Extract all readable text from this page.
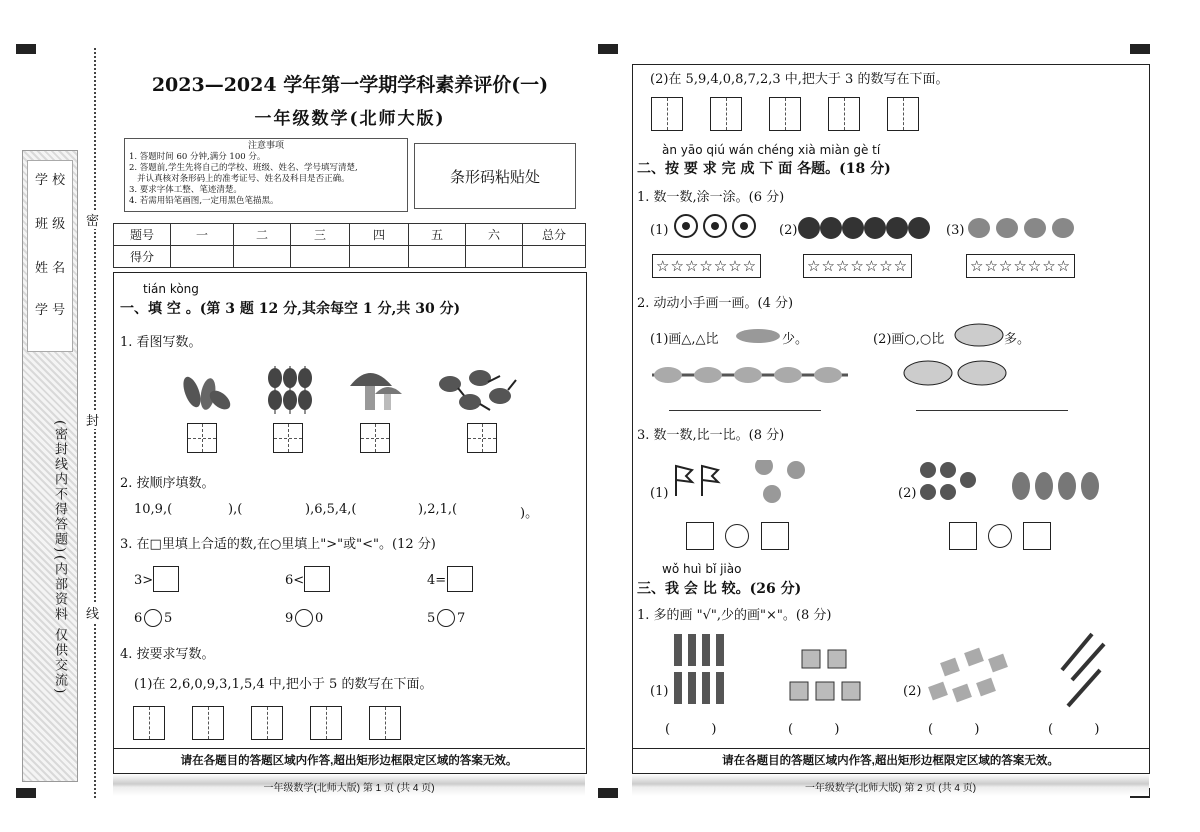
学 校
班 级
姓 名
学 号
(密封线内不得答题)
(内部资料 仅供交流)
密
封
线
2023—2024 学年第一学期学科素养评价(一)
一年级数学(北师大版)
注意事项
1. 答题时间 60 分钟,满分 100 分。
2. 答题前,学生先将自己的学校、班级、姓名、学号填写清楚,
并认真核对条形码上的准考证号、姓名及科目是否正确。
3. 要求字体工整、笔迹清楚。
4. 若需用铅笔画图,一定用黑色笔描黑。
条形码粘贴处
题号	一	二	三	四	五	六	总分
得分							
tián kòng
一、填 空 。(第 3 题 12 分,其余每空 1 分,共 30 分)
1. 看图写数。
2. 按顺序填数。
10,9,(	),(	),6,5,4,(	),2,1,(	)。
3. 在□里填上合适的数,在○里填上">"或"<"。(12 分)
3>	6<	4=
6 5	9 0	5 7
4. 按要求写数。
(1)在 2,6,0,9,3,1,5,4 中,把小于 5 的数写在下面。
请在各题目的答题区域内作答,超出矩形边框限定区域的答案无效。
一年级数学(北师大版) 第 1 页 (共 4 页)
(2)在 5,9,4,0,8,7,2,3 中,把大于 3 的数写在下面。
àn yāo qiú wán chéng xià miàn gè tí
二、按 要 求 完 成 下 面 各题。(18 分)
1. 数一数,涂一涂。(6 分)
(1)	(2)	(3)
☆☆☆☆☆☆☆	☆☆☆☆☆☆☆	☆☆☆☆☆☆☆
2. 动动小手画一画。(4 分)
(1)画△,△比	少。	(2)画○,○比	多。
3. 数一数,比一比。(8 分)
(1)	(2)
wǒ huì bǐ jiào
三、我 会 比 较。(26 分)
1. 多的画 "√",少的画"×"。(8 分)
(1)	(2)
(          )	(          )	(          )	(          )
请在各题目的答题区域内作答,超出矩形边框限定区域的答案无效。
一年级数学(北师大版) 第 2 页 (共 4 页)
